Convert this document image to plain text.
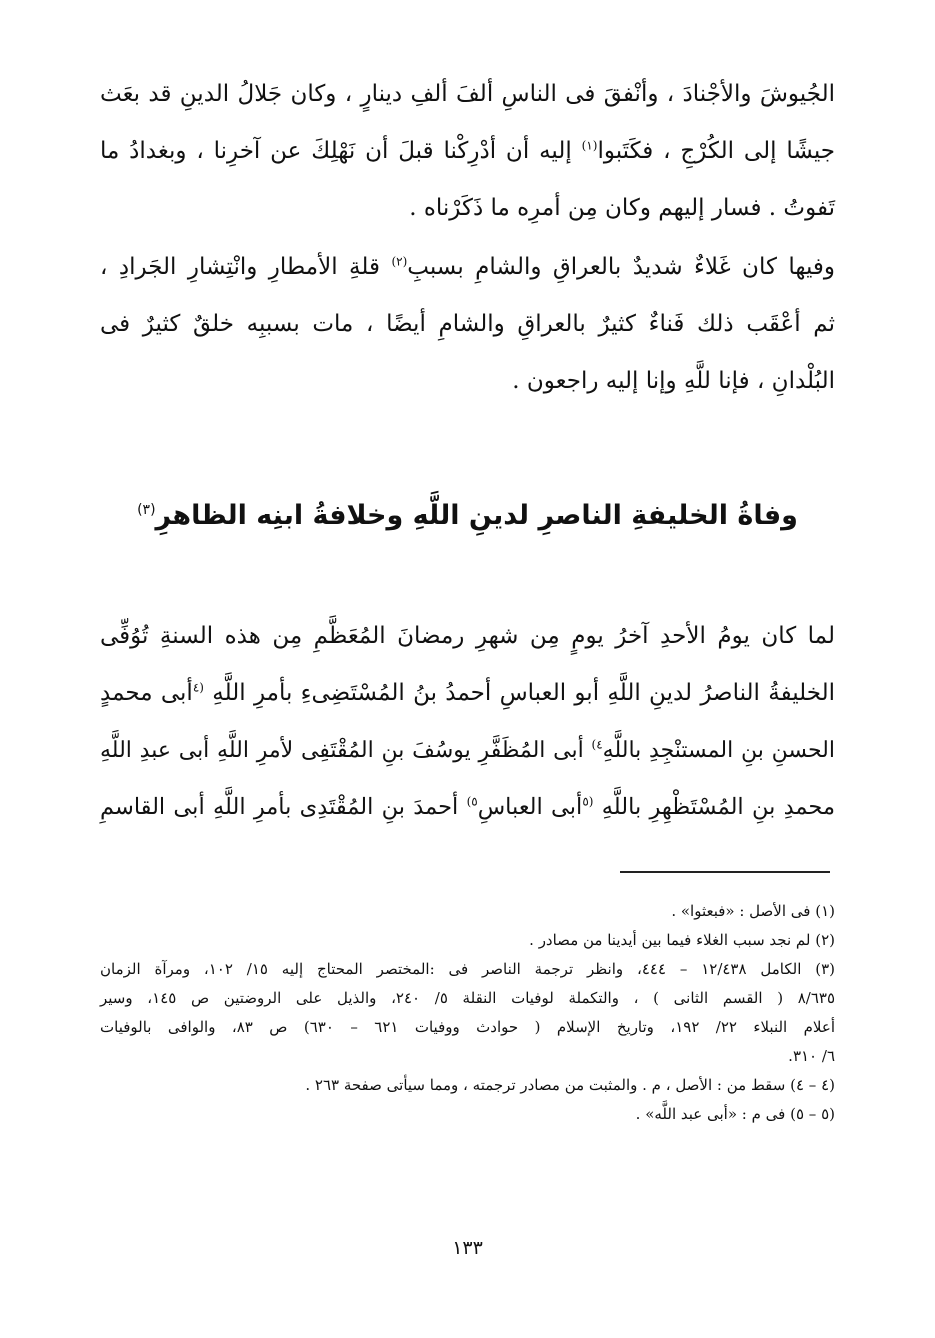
الجُيوشَ والأجْنادَ ، وأنْفقَ فى الناسِ ألفَ ألفِ دينارٍ ، وكان جَلالُ الدينِ قد بعَث
جيشًا إلى الكُرْجِ ، فكَتَبوا$^{(١)}$ إليه أن أدْرِكْنا قبلَ أن نَهْلِكَ عن آخرِنا ، وبغدادُ ما
تَفوتُ . فسار إليهم وكان مِن أمرِه ما ذَكَرْناه .
وفيها كان غَلاءٌ شديدٌ بالعراقِ والشامِ بسببِ$^{(٢)}$ قلةِ الأمطارِ وانْتِشارِ الجَرادِ ،
ثم أعْقَب ذلك فَناءٌ كثيرٌ بالعراقِ والشامِ أيضًا ، مات بسببِه خلقٌ كثيرٌ فى
البُلْدانِ ، فإنا للَّهِ وإنا إليه راجعون .
وفاةُ الخليفةِ الناصرِ لدينِ اللَّهِ وخلافةُ ابنِه الظاهرِ$^{(٣)}$
لما كان يومُ الأحدِ آخرُ يومٍ مِن شهرِ رمضانَ المُعَظَّمِ مِن هذه السنةِ تُوُفِّى
الخليفةُ الناصرُ لدينِ اللَّهِ أبو العباسِ أحمدُ بنُ المُسْتَضِىءِ بأمرِ اللَّهِ $^{(٤}$أبى محمدٍ
الحسنِ بنِ المستنْجِدِ باللَّهِ$^{٤)}$ أبى المُظَفَّرِ يوسُفَ بنِ المُقْتَفِى لأمرِ اللَّهِ أبى عبدِ اللَّهِ
محمدِ بنِ المُسْتَظْهِرِ باللَّهِ $^{(٥}$أبى العباسِ$^{٥)}$ أحمدَ بنِ المُقْتَدِى بأمرِ اللَّهِ أبى القاسمِ
(١) فى الأصل : «فبعثوا» .
(٢) لم نجد سبب الغلاء فيما بين أيدينا من مصادر .
(٣) الكامل ١٢/٤٣٨ – ٤٤٤، وانظر ترجمة الناصر فى :المختصر المحتاج إليه ١٥/ ١٠٢، ومرآة الزمان
٨/٦٣٥ ( القسم الثانى ) ، والتكملة لوفيات النقلة ٥/ ٢٤٠، والذيل على الروضتين ص ١٤٥، وسير
أعلام النبلاء ٢٢/ ١٩٢، وتاريخ الإسلام ( حوادث ووفيات ٦٢١ – ٦٣٠) ص ٨٣، والوافى بالوفيات
٦/ ٣١٠.
(٤ – ٤) سقط من : الأصل ، م . والمثبت من مصادر ترجمته ، ومما سيأتى صفحة ٢٦٣ .
(٥ – ٥) فى م : «أبى عبد اللَّه» .
١٣٣
